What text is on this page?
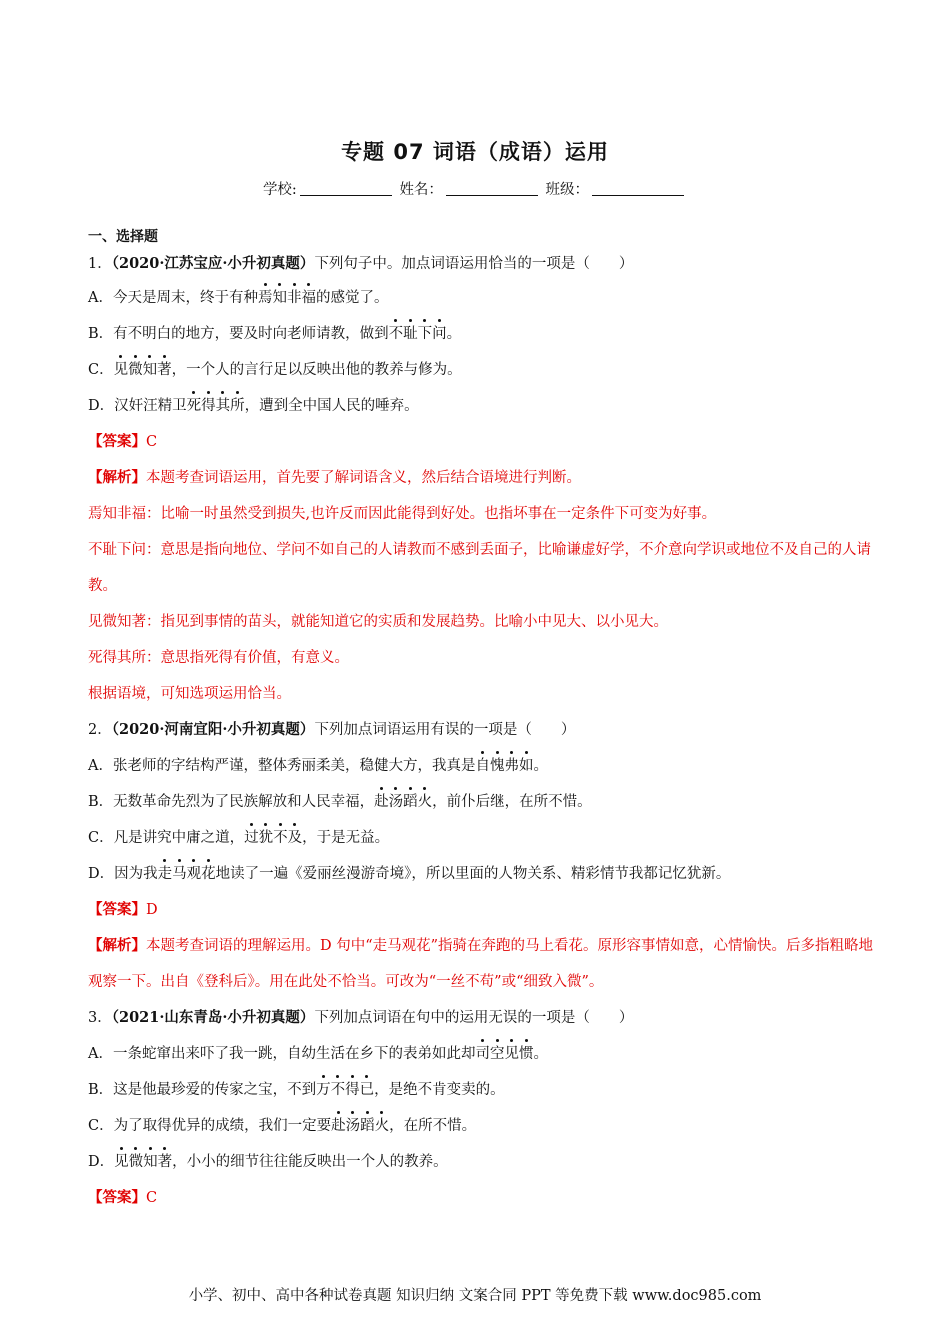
专题 07 词语（成语）运用
学校:	姓名：	班级：
一、选择题
1．（2020·江苏宝应·小升初真题）下列句子中。加点词语运用恰当的一项是（　　）
A．今天是周末，终于有种焉知非福的感觉了。
B．有不明白的地方，要及时向老师请教，做到不耻下问。
C．见微知著，一个人的言行足以反映出他的教养与修为。
D．汉奸汪精卫死得其所，遭到全中国人民的唾弃。
【答案】C
【解析】本题考查词语运用，首先要了解词语含义，然后结合语境进行判断。
焉知非福：比喻一时虽然受到损失,也许反而因此能得到好处。也指坏事在一定条件下可变为好事。
不耻下问：意思是指向地位、学问不如自己的人请教而不感到丢面子，比喻谦虚好学，不介意向学识或地位不及自己的人请教。
见微知著：指见到事情的苗头，就能知道它的实质和发展趋势。比喻小中见大、以小见大。
死得其所：意思指死得有价值，有意义。
根据语境，可知选项运用恰当。
2．（2020·河南宜阳·小升初真题）下列加点词语运用有误的一项是（　　）
A．张老师的字结构严谨，整体秀丽柔美，稳健大方，我真是自愧弗如。
B．无数革命先烈为了民族解放和人民幸福，赴汤蹈火，前仆后继，在所不惜。
C．凡是讲究中庸之道，过犹不及，于是无益。
D．因为我走马观花地读了一遍《爱丽丝漫游奇境》，所以里面的人物关系、精彩情节我都记忆犹新。
【答案】D
【解析】本题考查词语的理解运用。D 句中“走马观花”指骑在奔跑的马上看花。原形容事情如意，心情愉快。后多指粗略地观察一下。出自《登科后》。用在此处不恰当。可改为“一丝不苟”或“细致入微”。
3．（2021·山东青岛·小升初真题）下列加点词语在句中的运用无误的一项是（　　）
A．一条蛇窜出来吓了我一跳，自幼生活在乡下的表弟如此却司空见惯。
B．这是他最珍爱的传家之宝，不到万不得已，是绝不肯变卖的。
C．为了取得优异的成绩，我们一定要赴汤蹈火，在所不惜。
D．见微知著，小小的细节往往能反映出一个人的教养。
【答案】C
小学、初中、高中各种试卷真题 知识归纳 文案合同 PPT 等免费下载 www.doc985.com
